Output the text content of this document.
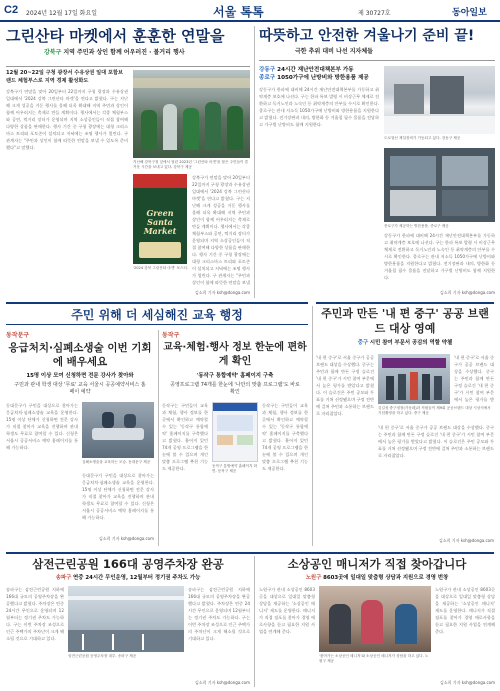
C2 2024년 12월 17일 화요일	서울 톡톡	제 30727호	동아일보
그린산타 마켓에서 훈훈한 연말을
강북구 지역 주민과 상인 함께 어우러진 · 볼거리 행사
12월 20~22일 구청 광장서 수유상권 일대 포함브랜드 체험부스로 지역 경제 활성화도
강북구가 연말을 맞아 20일부터 22일까지 구청 광장과 수유상권 일대에서 '2024 강북 그린산타 마켓'을 연다고 밝혔다. 구는 지난해 크게 성공을 거둔 행사를 올해 더욱 확대해 지역 주민과 상인이 함께 어우러지는 축제로 만들 계획이다. 행사에서는 각종 체험부스와 공연, 먹거리 장터가 운영되며 지역 소상공인들이 직접 참여해 다양한 상품을 판매한다. 행사 기간 중 구청 광장에는 대형 크리스마스 트리와 포토존이 설치되고 저녁에는 조명 행사가 열린다. 구 관계자는 "주민과 상인이 함께 따뜻한 연말을 보낼 수 있도록 준비했다"고 말했다.
지난해 강북구청 앞에서 열린 2023년 '그린산타 마켓'을 찾은 주민들이 즐거운 시간을 보내고 있다. 강북구 제공
Green
Santa
Market
'2024 강북 그린산타 마켓' 포스터.
강북구가 연말을 맞아 20일부터 22일까지 구청 광장과 수유상권 일대에서 '2024 강북 그린산타 마켓'을 연다고 밝혔다. 구는 지난해 크게 성공을 거둔 행사를 올해 더욱 확대해 지역 주민과 상인이 함께 어우러지는 축제로 만들 계획이다. 행사에서는 각종 체험부스와 공연, 먹거리 장터가 운영되며 지역 소상공인들이 직접 참여해 다양한 상품을 판매한다. 행사 기간 중 구청 광장에는 대형 크리스마스 트리와 포토존이 설치되고 저녁에는 조명 행사가 열린다. 구 관계자는 "주민과 상인이 함께 따뜻한 연말을 보낼
김소희 기자 ksh@donga.com
따뜻하고 안전한 겨울나기 준비 끝!
극한 추위 대비 나선 지자체들
강동구 24시간 재난안전대책본부 가동
종로구 1050가구에 난방비와 방한용품 제공
강동구가 한파에 대비해 24시간 재난안전대책본부를 가동하고 취약계층 보호에 나선다. 구는 한파 특보 발령 시 비상근무 체제로 전환하고 독거노인과 노숙인 등 취약계층의 안부를 수시로 확인한다. 종로구는 관내 저소득 1050가구에 난방비와 방한용품을 지원한다고 밝혔다. 전기장판과 내의, 방한화 등 겨울철 필수 물품을 전달하고 가구별 난방비도 함께 지원한다.
도로열선 제설장비가 가동되고 있다. 강동구 제공
종로구가 제공하는 방한용품. 종로구 제공
강동구가 한파에 대비해 24시간 재난안전대책본부를 가동하고 취약계층 보호에 나선다. 구는 한파 특보 발령 시 비상근무 체제로 전환하고 독거노인과 노숙인 등 취약계층의 안부를 수시로 확인한다. 종로구는 관내 저소득 1050가구에 난방비와 방한용품을 지원한다고 밝혔다. 전기장판과 내의, 방한화 등 겨울철 필수 물품을 전달하고 가구별 난방비도 함께 지원한다.
김소희 기자 ksh@donga.com
주민 위해 더 세심해진 교육 행정
동작문구
응급처치·심폐소생술 이번 기회에 배우세요
15명 이상 모여 신청하면 전문 강사가 찾아와
구민과 관내 학생 대상 '무료' 교육 서울시 공공예약서비스 홈페이 예약
동대문구가 구민을 대상으로 찾아가는 응급처치·심폐소생술 교육을 운영한다. 15명 이상 단체가 신청하면 전문 강사가 직접 찾아가 교육을 진행하며 관내 학생도 무료로 참여할 수 있다. 신청은 서울시 공공서비스 예약 홈페이지를 통해 가능하다.
심폐소생술을 교육하는 모습. 동대문구 제공
동대문구가 구민을 대상으로 찾아가는 응급처치·심폐소생술 교육을 운영한다. 15명 이상 단체가 신청하면 전문 강사가 직접 찾아가 교육을 진행하며 관내 학생도 무료로 참여할 수 있다. 신청은 서울시 공공서비스 예약 홈페이지를 통해 가능하다.
김소희 기자 ksh@donga.com
동작구
교육·체험·행사 정보 한눈에 편하게 확인
'동작구 통합예약' 홈페이지 구축
공영프로그램 74개를 한눈에 '나만의 맞춤 프로그램'도 바로 확인
동작구는 구민들이 교육과 체험, 행사 정보를 한곳에서 확인하고 예약할 수 있는 '동작구 통합예약' 홈페이지를 구축했다고 밝혔다. 흩어져 있던 74개 공영 프로그램을 한눈에 볼 수 있으며 개인 맞춤 프로그램 추천 기능도 제공한다.	동작구 통합예약 홈페이지 화면. 동작구 제공
동작구는 구민들이 교육과 체험, 행사 정보를 한곳에서 확인하고 예약할 수 있는 '동작구 통합예약' 홈페이지를 구축했다고 밝혔다. 흩어져 있던 74개 공영 프로그램을 한눈에 볼 수 있으며 개인 맞춤 프로그램 추천 기능도 제공한다.
주민과 만든 '내 편 중구' 공공 브랜드 대상 영예
중구 시민 참여 부문서 공감의 역할 약첼
'내 편 중구'로 서울 중구가 공공 브랜드 대상을 수상했다. 중구는 주민과 함께 만든 구정 슬로건 '내 편 중구'가 시민 참여 부문에서 높은 평가를 받았다고 밝혔다. 이 슬로건은 주민 공모와 투표를 거쳐 선정됐으며 구정 전반에 걸쳐 주민과 소통하는 브랜드로 자리잡았다.
김길성 중구청장(가운데)과 직원들이 제9회 공공브랜드 대상 시상식에서 기념촬영을 하고 있다. 중구 제공
'내 편 중구'로 서울 중구가 공공 브랜드 대상을 수상했다. 중구는 주민과 함께 만든 구정 슬로건 '내 편 중구'가 시민 참여 부문에서 높은 평가를 받
'내 편 중구'로 서울 중구가 공공 브랜드 대상을 수상했다. 중구는 주민과 함께 만든 구정 슬로건 '내 편 중구'가 시민 참여 부문에서 높은 평가를 받았다고 밝혔다. 이 슬로건은 주민 공모와 투표를 거쳐 선정됐으며 구정 전반에 걸쳐 주민과 소통하는 브랜드로 자리잡았다.
김소희 기자 ksh@donga.com
삼전근린공원 166대 공영주차장 완공
송파구 연중 24시간 무인운영, 12월부터 정기권 주차도 가능
송파구는 삼전근린공원 지하에 166대 규모의 공영주차장을 완공했다고 밝혔다. 주차장은 연중 24시간 무인으로 운영되며 12월부터는 정기권 주차도 가능하다. 구는 이번 주차장 조성으로 인근 주택가의 주차난이 크게 해소될 것으로 기대하고 있다.
삼전근린공원 공영주차장 내부. 송파구 제공
송파구는 삼전근린공원 지하에 166대 규모의 공영주차장을 완공했다고 밝혔다. 주차장은 연중 24시간 무인으로 운영되며 12월부터는 정기권 주차도 가능하다. 구는 이번 주차장 조성으로 인근 주택가의 주차난이 크게 해소될 것으로 기대하고 있다.
김소희 기자 ksh@donga.com
소상공인 매니저가 직접 찾아갑니다
노원구 8603곳에 일대일 맞춤형 상담과 지원으로 경영 번창
노원구가 관내 소상공인 8603곳을 대상으로 일대일 맞춤형 상담을 제공하는 '소상공인 매니저' 제도를 운영한다. 매니저가 직접 점포를 찾아가 경영 애로사항을 듣고 필요한 지원 사업을 연계해 준다.
'찾아가는 소상공인 매니저'와 소상공인 매니저가 상담을 하고 있다. 노원구 제공
노원구가 관내 소상공인 8603곳을 대상으로 일대일 맞춤형 상담을 제공하는 '소상공인 매니저' 제도를 운영한다. 매니저가 직접 점포를 찾아가 경영 애로사항을 듣고 필요한 지원 사업을 연계해 준다.
김소희 기자 ksh@donga.com
